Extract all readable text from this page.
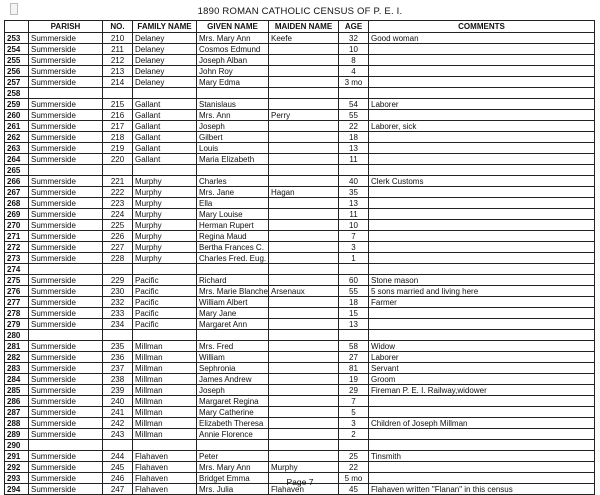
1890 ROMAN CATHOLIC CENSUS OF P. E. I.
	PARISH	NO.	FAMILY NAME	GIVEN NAME	MAIDEN NAME	AGE	COMMENTS
253	Summerside	210	Delaney	Mrs. Mary Ann	Keefe	32	Good woman
254	Summerside	211	Delaney	Cosmos Edmund		10	
255	Summerside	212	Delaney	Joseph Alban		8	
256	Summerside	213	Delaney	John Roy		4	
257	Summerside	214	Delaney	Mary Edma		3 mo	
258							
259	Summerside	215	Gallant	Stanislaus		54	Laborer
260	Summerside	216	Gallant	Mrs. Ann	Perry	55	
261	Summerside	217	Gallant	Joseph		22	Laborer, sick
262	Summerside	218	Gallant	Gilbert		18	
263	Summerside	219	Gallant	Louis		13	
264	Summerside	220	Gallant	Maria Elizabeth		11	
265							
266	Summerside	221	Murphy	Charles		40	Clerk Customs
267	Summerside	222	Murphy	Mrs. Jane	Hagan	35	
268	Summerside	223	Murphy	Ella		13	
269	Summerside	224	Murphy	Mary Louise		11	
270	Summerside	225	Murphy	Herman Rupert		10	
271	Summerside	226	Murphy	Regina Maud		7	
272	Summerside	227	Murphy	Bertha Frances C.		3	
273	Summerside	228	Murphy	Charles Fred. Eug.		1	
274							
275	Summerside	229	Pacific	Richard		60	Stone mason
276	Summerside	230	Pacific	Mrs. Marie Blanche	Arsenaux	55	5 sons married and living here
277	Summerside	232	Pacific	William Albert		18	Farmer
278	Summerside	233	Pacific	Mary Jane		15	
279	Summerside	234	Pacific	Margaret Ann		13	
280							
281	Summerside	235	Millman	Mrs. Fred		58	Widow
282	Summerside	236	Millman	William		27	Laborer
283	Summerside	237	Millman	Sephronia		81	Servant
284	Summerside	238	Millman	James Andrew		19	Groom
285	Summerside	239	Millman	Joseph		29	Fireman P. E. I. Railway,widower
286	Summerside	240	Millman	Margaret Regina		7	
287	Summerside	241	Millman	Mary Catherine		5	
288	Summerside	242	Millman	Elizabeth Theresa		3	Children of Joseph Millman
289	Summerside	243	Millman	Annie Florence		2	
290							
291	Summerside	244	Flahaven	Peter		25	Tinsmith
292	Summerside	245	Flahaven	Mrs. Mary Ann	Murphy	22	
293	Summerside	246	Flahaven	Bridget Emma		5 mo	
294	Summerside	247	Flahaven	Mrs. Julia	Flahaven	45	Flahaven written "Flanan" in this census
Page 7
